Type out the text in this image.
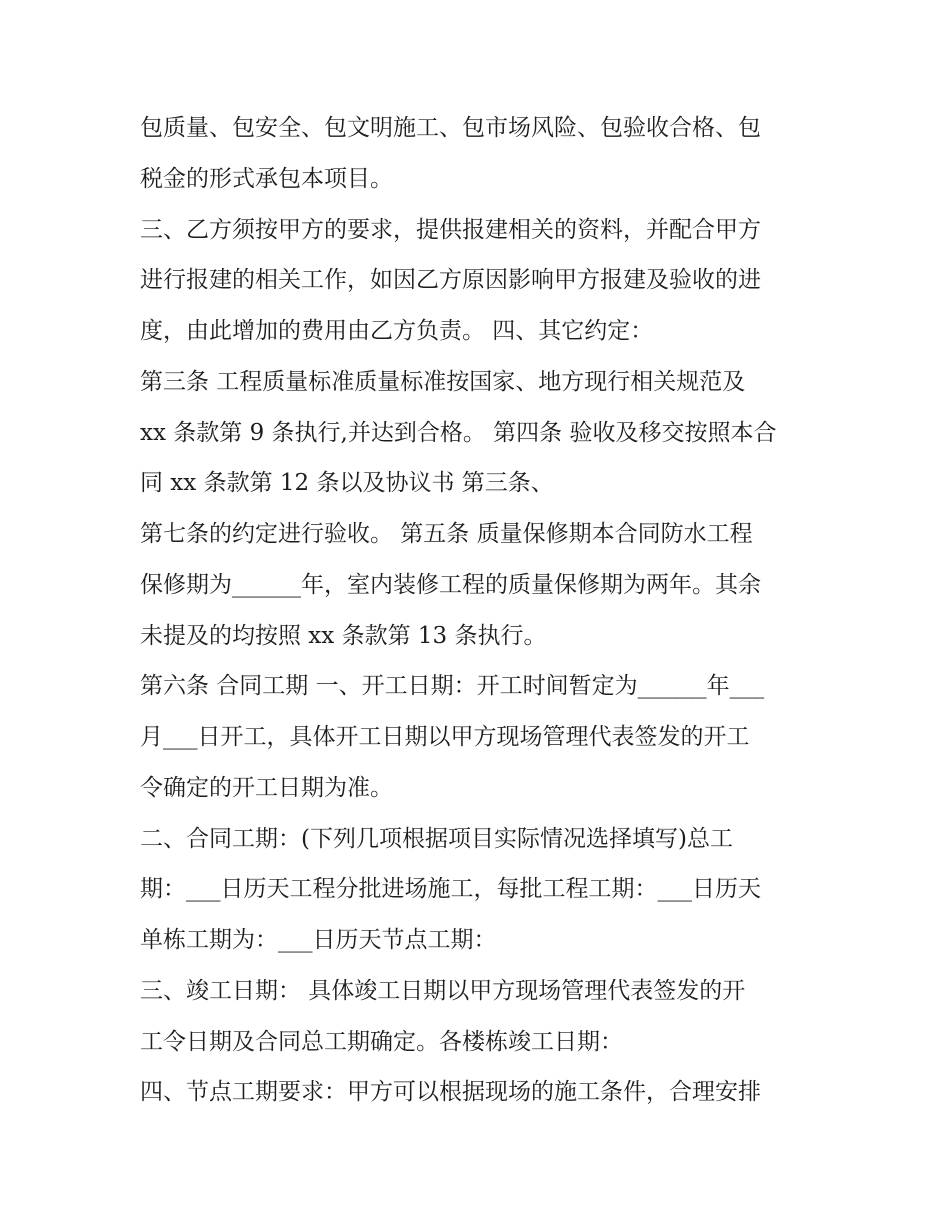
包质量、包安全、包文明施工、包市场风险、包验收合格、包
税金的形式承包本项目。
三、乙方须按甲方的要求，提供报建相关的资料，并配合甲方
进行报建的相关工作，如因乙方原因影响甲方报建及验收的进
度，由此增加的费用由乙方负责。 四、其它约定：
第三条 工程质量标准质量标准按国家、地方现行相关规范及
xx 条款第 9 条执行,并达到合格。 第四条 验收及移交按照本合
同 xx 条款第 12 条以及协议书 第三条、
第七条的约定进行验收。 第五条 质量保修期本合同防水工程
保修期为______年，室内装修工程的质量保修期为两年。其余
未提及的均按照 xx 条款第 13 条执行。
第六条 合同工期 一、开工日期：开工时间暂定为______年___
月___日开工，具体开工日期以甲方现场管理代表签发的开工
令确定的开工日期为准。
二、合同工期：(下列几项根据项目实际情况选择填写)总工
期：___日历天工程分批进场施工，每批工程工期：___日历天
单栋工期为：___日历天节点工期：
三、竣工日期： 具体竣工日期以甲方现场管理代表签发的开
工令日期及合同总工期确定。各楼栋竣工日期：
四、节点工期要求：甲方可以根据现场的施工条件，合理安排
